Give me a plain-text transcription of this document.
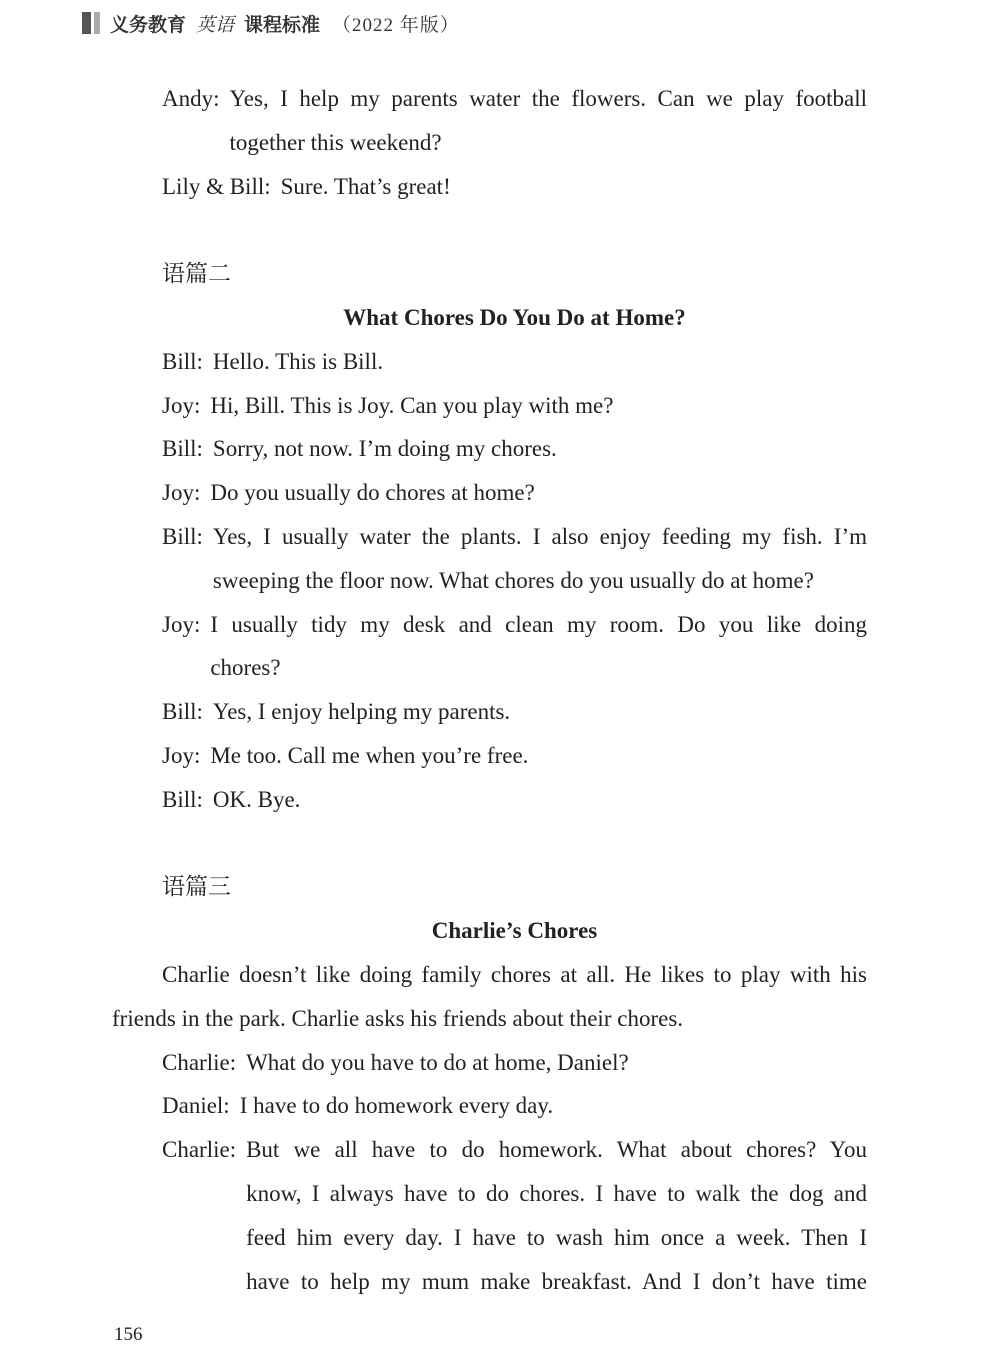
义务教育 英语 课程标准 （2022 年版）
Andy: Yes, I help my parents water the flowers. Can we play football
together this weekend?
Lily & Bill: Sure. That’s great!
语篇二
What Chores Do You Do at Home?
Bill: Hello. This is Bill.
Joy: Hi, Bill. This is Joy. Can you play with me?
Bill: Sorry, not now. I’m doing my chores.
Joy: Do you usually do chores at home?
Bill: Yes, I usually water the plants. I also enjoy feeding my fish. I’m
sweeping the floor now. What chores do you usually do at home?
Joy: I usually tidy my desk and clean my room. Do you like doing
chores?
Bill: Yes, I enjoy helping my parents.
Joy: Me too. Call me when you’re free.
Bill: OK. Bye.
语篇三
Charlie’s Chores
Charlie doesn’t like doing family chores at all. He likes to play with his
friends in the park. Charlie asks his friends about their chores.
Charlie: What do you have to do at home, Daniel?
Daniel: I have to do homework every day.
Charlie: But we all have to do homework. What about chores? You
know, I always have to do chores. I have to walk the dog and
feed him every day. I have to wash him once a week. Then I
have to help my mum make breakfast. And I don’t have time
156
